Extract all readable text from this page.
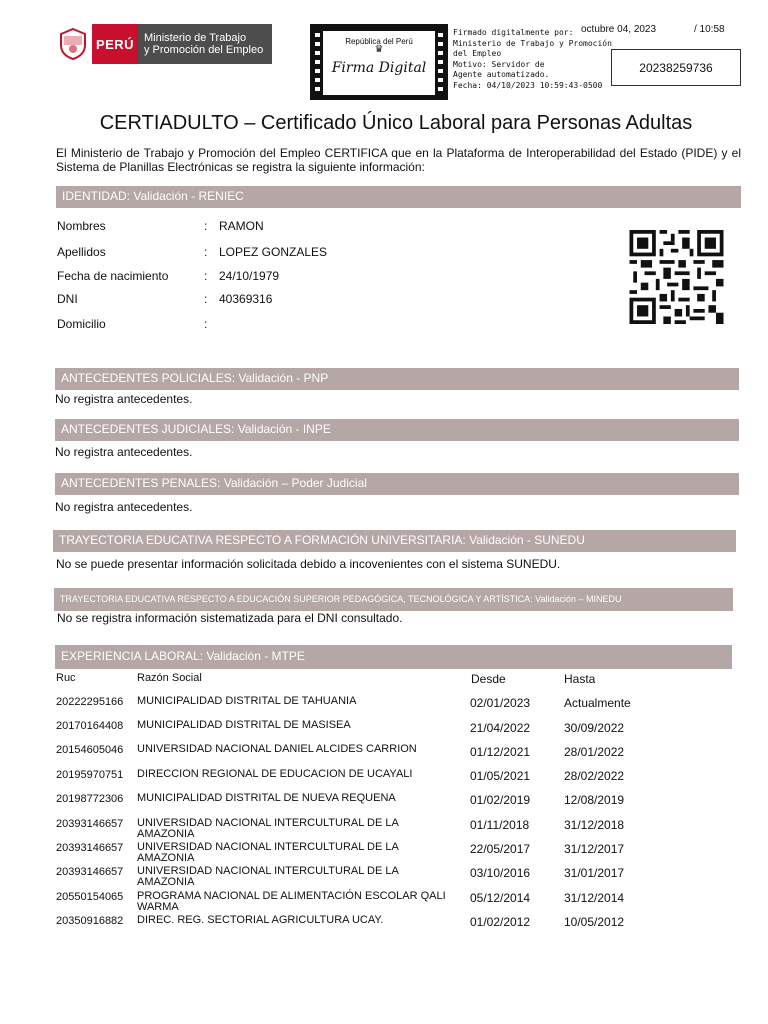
PERÚ Ministerio de Trabajo
y Promoción del Empleo
República del Perú
♛
Firma Digital
Firmado digitalmente por:
Ministerio de Trabajo y Promoción
del Empleo
Motivo: Servidor de
Agente automatizado.
Fecha: 04/10/2023 10:59:43-0500
octubre 04, 2023	/ 10:58
20238259736
CERTIADULTO – Certificado Único Laboral para Personas Adultas
El Ministerio de Trabajo y Promoción del Empleo CERTIFICA que en la Plataforma de Interoperabilidad del Estado (PIDE) y el Sistema de Planillas Electrónicas se registra la siguiente información:
IDENTIDAD: Validación - RENIEC
Nombres	: RAMON
Apellidos	: LOPEZ GONZALES
Fecha de nacimiento	: 24/10/1979
DNI	: 40369316
Domicilio	:
ANTECEDENTES POLICIALES: Validación - PNP
No registra antecedentes.
ANTECEDENTES JUDICIALES: Validación - INPE
No registra antecedentes.
ANTECEDENTES PENALES: Validación – Poder Judicial
No registra antecedentes.
TRAYECTORIA EDUCATIVA RESPECTO A FORMACIÓN UNIVERSITARIA: Validación - SUNEDU
No se puede presentar información solicitada debido a incovenientes con el sistema SUNEDU.
TRAYECTORIA EDUCATIVA RESPECTO A EDUCACIÓN SUPERIOR PEDAGÓGICA, TECNOLÓGICA Y ARTÍSTICA: Validación – MINEDU
No se registra información sistematizada para el DNI consultado.
EXPERIENCIA LABORAL: Validación - MTPE
Ruc	Razón Social	Desde	Hasta
20222295166 MUNICIPALIDAD DISTRITAL DE TAHUANIA	02/01/2023	Actualmente
20170164408 MUNICIPALIDAD DISTRITAL DE MASISEA	21/04/2022	30/09/2022
20154605046 UNIVERSIDAD NACIONAL DANIEL ALCIDES CARRION	01/12/2021	28/01/2022
20195970751 DIRECCION REGIONAL DE EDUCACION DE UCAYALI	01/05/2021	28/02/2022
20198772306 MUNICIPALIDAD DISTRITAL DE NUEVA REQUENA	01/02/2019	12/08/2019
20393146657 UNIVERSIDAD NACIONAL INTERCULTURAL DE LA AMAZONIA
01/11/2018	31/12/2018
20393146657 UNIVERSIDAD NACIONAL INTERCULTURAL DE LA AMAZONIA
22/05/2017	31/12/2017
20393146657 UNIVERSIDAD NACIONAL INTERCULTURAL DE LA AMAZONIA
03/10/2016	31/01/2017
20550154065 PROGRAMA NACIONAL DE ALIMENTACIÓN ESCOLAR QALI WARMA
05/12/2014	31/12/2014
20350916882 DIREC. REG. SECTORIAL AGRICULTURA UCAY.	01/02/2012	10/05/2012
